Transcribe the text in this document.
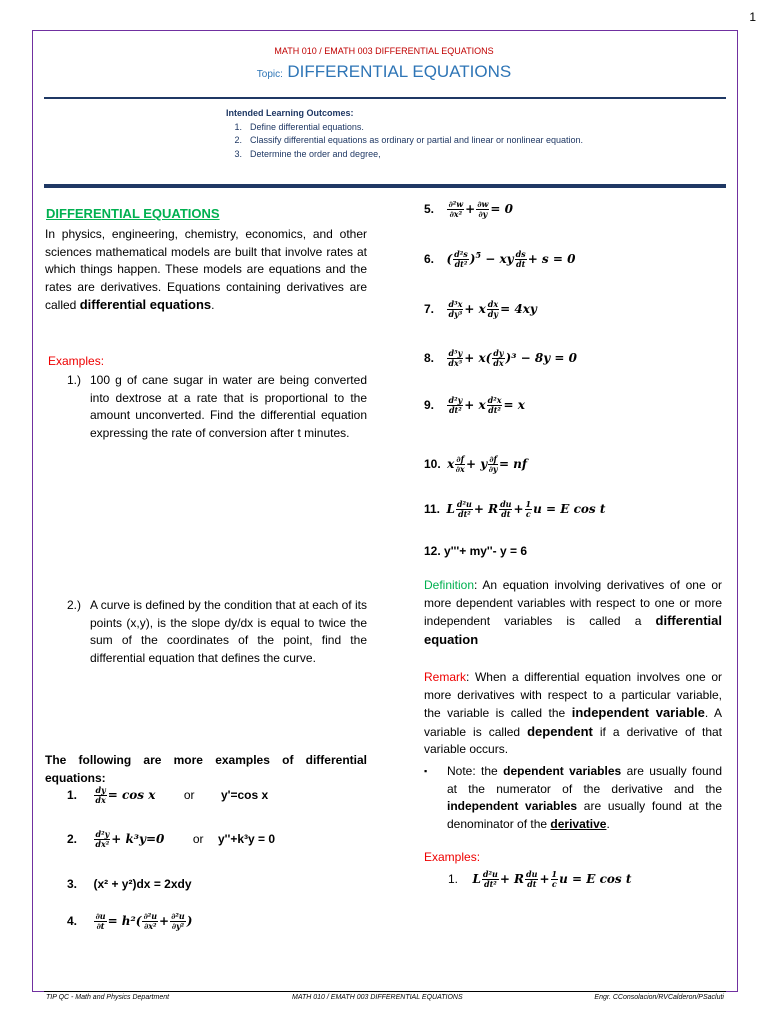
1
MATH 010 / EMATH 003 DIFFERENTIAL EQUATIONS
Topic: DIFFERENTIAL EQUATIONS
Intended Learning Outcomes:
1. Define differential equations.
2. Classify differential equations as ordinary or partial and linear or nonlinear equation.
3. Determine the order and degree,
DIFFERENTIAL EQUATIONS
In physics, engineering, chemistry, economics, and other sciences mathematical models are built that involve rates at which things happen. These models are equations and the rates are derivatives. Equations containing derivatives are called differential equations.
Examples:
1.) 100 g of cane sugar in water are being converted into dextrose at a rate that is proportional to the amount unconverted. Find the differential equation expressing the rate of conversion after t minutes.
2.) A curve is defined by the condition that at each of its points (x,y), is the slope dy/dx is equal to twice the sum of the coordinates of the point, find the differential equation that defines the curve.
The following are more examples of differential equations:
1. $\frac{dy}{dx} = \cos x$ or y'=cos x
2. $\frac{\text{d²y}}{\text{dx²}} + k^3y=0$ or y''+k³y = 0
3. (x² + y²)dx = 2xdy
4. $\frac{\partial u}{\partial t} = h^2( \frac{\text{∂²u}}{\text{∂x²}} + \frac{\text{∂²u}}{\text{∂y²}}$ )
5. $\frac{\text{∂²w}}{\text{∂x²}} + \frac{\partial w}{\partial y} = 0$
6. ( $\frac{\text{d²s}}{\text{dt²}} )^5$ − xy $\frac{ds}{dt} + s = 0$
7. $\frac{\text{d³x}}{\text{dy³}} + x \frac{dx}{dy} = 4xy$
8. $\frac{\text{d⁵y}}{\text{dx⁵}} + x( \frac{dy}{dx} )^3 - 8y = 0$
9. $\frac{\text{d²y}}{\text{dt²}} + x \frac{\text{d²x}}{\text{dt²}} = x$
10. x $\frac{\partial f}{\partial x} + y \frac{\partial f}{\partial y}$ = nf
11. L $\frac{\text{d²u}}{\text{dt²}} + R \frac{du}{dt} + \frac{1}{c}$ u = E cos t
12. y'''+ my''- y = 6
Definition: An equation involving derivatives of one or more dependent variables with respect to one or more independent variables is called a differential equation
Remark: When a differential equation involves one or more derivatives with respect to a particular variable, the variable is called the independent variable. A variable is called dependent if a derivative of that variable occurs.
▪ Note: the dependent variables are usually found at the numerator of the derivative and the independent variables are usually found at the denominator of the derivative.
Examples:
1. L $\frac{\text{d²u}}{\text{dt²}} + R \frac{du}{dt} + \frac{1}{c}$ u = E cos t
TIP QC - Math and Physics Department	MATH 010 / EMATH 003 DIFFERENTIAL EQUATIONS	Engr. CConsolacion/RVCalderon/PSacluti
